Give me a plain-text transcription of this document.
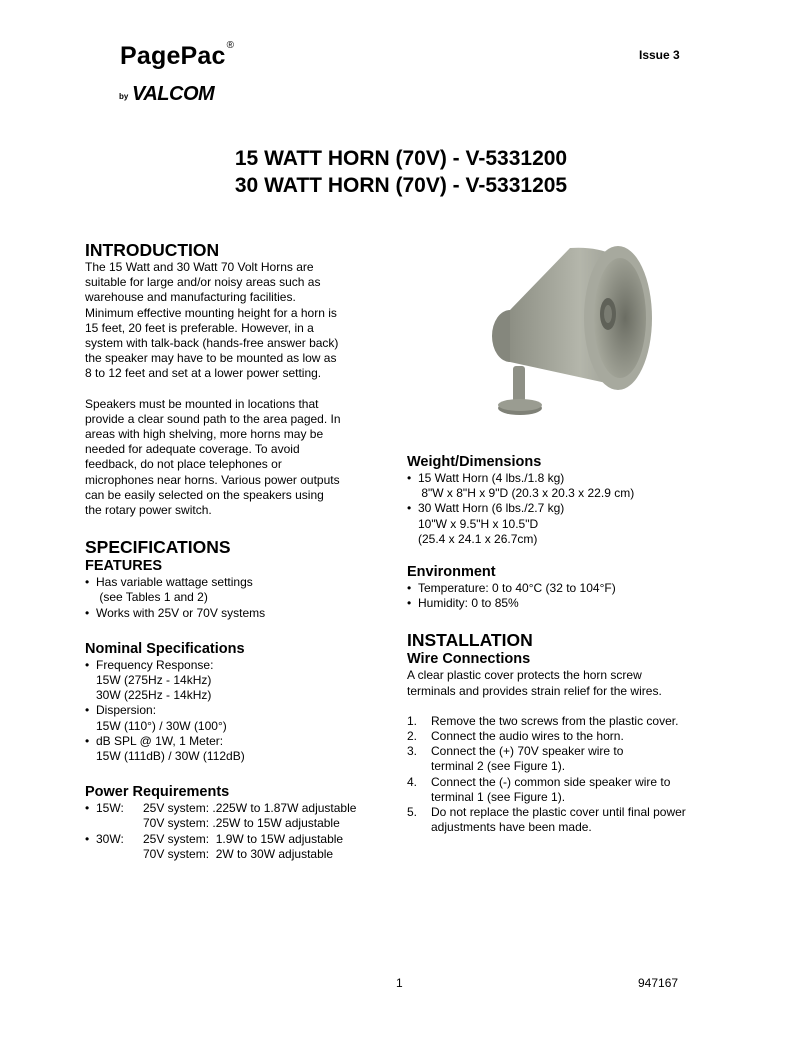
PagePac®
by VALCOM
Issue 3
15 WATT HORN (70V) - V-5331200
30 WATT HORN (70V) - V-5331205
INTRODUCTION
The 15 Watt and 30 Watt 70 Volt Horns are
suitable for large and/or noisy areas such as
warehouse and manufacturing facilities.
Minimum effective mounting height for a horn is
15 feet, 20 feet is preferable. However, in a
system with talk-back (hands-free answer back)
the speaker may have to be mounted as low as
8 to 12 feet and set at a lower power setting.
Speakers must be mounted in locations that
provide a clear sound path to the area paged. In
areas with high shelving, more horns may be
needed for adequate coverage. To avoid
feedback, do not place telephones or
microphones near horns. Various power outputs
can be easily selected on the speakers using
the rotary power switch.
SPECIFICATIONS
FEATURES
• Has variable wattage settings
(see Tables 1 and 2)
• Works with 25V or 70V systems
Nominal Specifications
• Frequency Response:
15W (275Hz - 14kHz)
30W (225Hz - 14kHz)
• Dispersion:
15W (110°) / 30W (100°)
• dB SPL @ 1W, 1 Meter:
15W (111dB) / 30W (112dB)
Power Requirements
• 15W: 25V system: .225W to 1.87W adjustable
70V system: .25W to 15W adjustable
• 30W: 25V system:  1.9W to 15W adjustable
70V system:  2W to 30W adjustable
Weight/Dimensions
• 15 Watt Horn (4 lbs./1.8 kg)
8"W x 8"H x 9"D (20.3 x 20.3 x 22.9 cm)
• 30 Watt Horn (6 lbs./2.7 kg)
10"W x 9.5"H x 10.5"D
(25.4 x 24.1 x 26.7cm)
Environment
• Temperature: 0 to 40°C (32 to 104°F)
• Humidity: 0 to 85%
INSTALLATION
Wire Connections
A clear plastic cover protects the horn screw
terminals and provides strain relief for the wires.
1. Remove the two screws from the plastic cover.
2. Connect the audio wires to the horn.
3. Connect the (+) 70V speaker wire to
terminal 2 (see Figure 1).
4. Connect the (-) common side speaker wire to
terminal 1 (see Figure 1).
5. Do not replace the plastic cover until final power
adjustments have been made.
1	947167
